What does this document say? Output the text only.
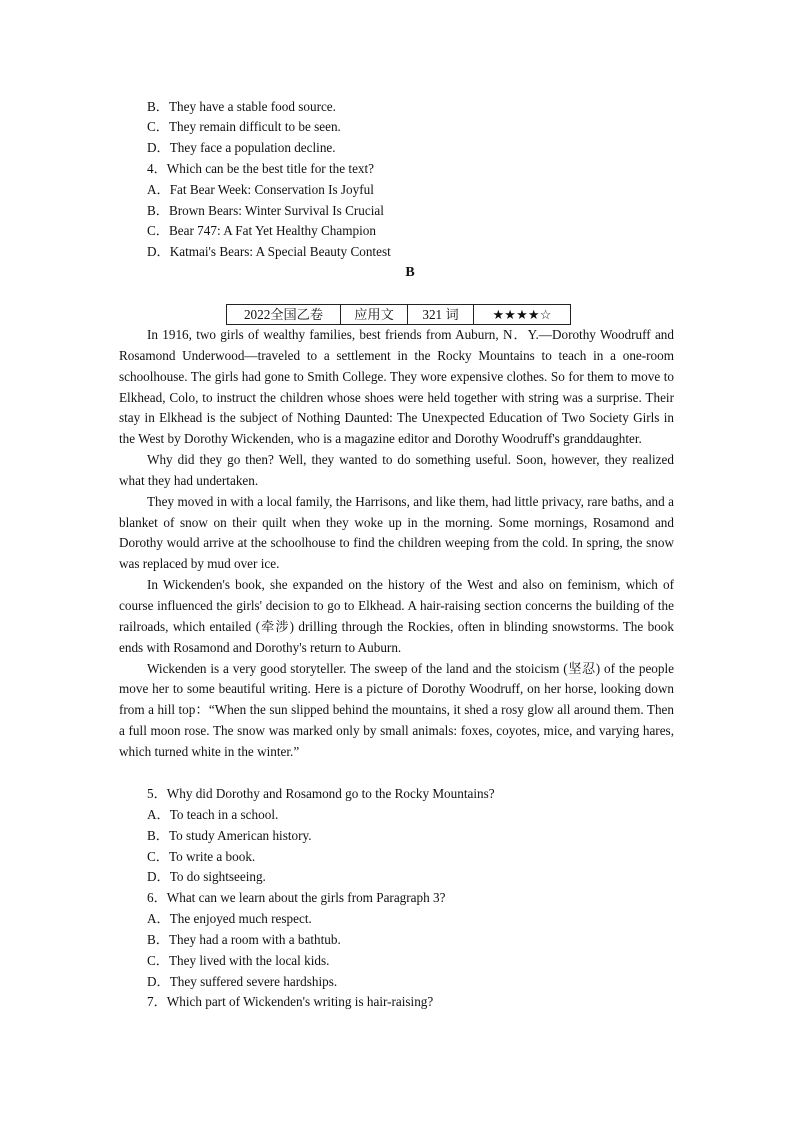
B．They have a stable food source.
C．They remain difficult to be seen.
D．They face a population decline.
4．Which can be the best title for the text?
A．Fat Bear Week: Conservation Is Joyful
B．Brown Bears: Winter Survival Is Crucial
C．Bear 747: A Fat Yet Healthy Champion
D．Katmai's Bears: A Special Beauty Contest
B
2022全国乙卷	应用文	321 词	★★★★☆

In 1916, two girls of wealthy families, best friends from Auburn, N．Y.—Dorothy Woodruff and Rosamond Underwood—traveled to a settlement in the Rocky Mountains to teach in a one-room schoolhouse. The girls had gone to Smith College. They wore expensive clothes. So for them to move to Elkhead, Colo, to instruct the children whose shoes were held together with string was a surprise. Their stay in Elkhead is the subject of Nothing Daunted: The Unexpected Education of Two Society Girls in the West by Dorothy Wickenden, who is a magazine editor and Dorothy Woodruff's granddaughter.

Why did they go then? Well, they wanted to do something useful. Soon, however, they realized what they had undertaken.

They moved in with a local family, the Harrisons, and like them, had little privacy, rare baths, and a blanket of snow on their quilt when they woke up in the morning. Some mornings, Rosamond and Dorothy would arrive at the schoolhouse to find the children weeping from the cold. In spring, the snow was replaced by mud over ice.

In Wickenden's book, she expanded on the history of the West and also on feminism, which of course influenced the girls' decision to go to Elkhead. A hair-raising section concerns the building of the railroads, which entailed (牵涉) drilling through the Rockies, often in blinding snowstorms. The book ends with Rosamond and Dorothy's return to Auburn.

Wickenden is a very good storyteller. The sweep of the land and the stoicism (坚忍) of the people move her to some beautiful writing. Here is a picture of Dorothy Woodruff, on her horse, looking down from a hill top：“When the sun slipped behind the mountains, it shed a rosy glow all around them. Then a full moon rose. The snow was marked only by small animals: foxes, coyotes, mice, and varying hares, which turned white in the winter.”

5．Why did Dorothy and Rosamond go to the Rocky Mountains?
A．To teach in a school.
B．To study American history.
C．To write a book.
D．To do sightseeing.
6．What can we learn about the girls from Paragraph 3?
A．The enjoyed much respect.
B．They had a room with a bathtub.
C．They lived with the local kids.
D．They suffered severe hardships.
7．Which part of Wickenden's writing is hair-raising?
